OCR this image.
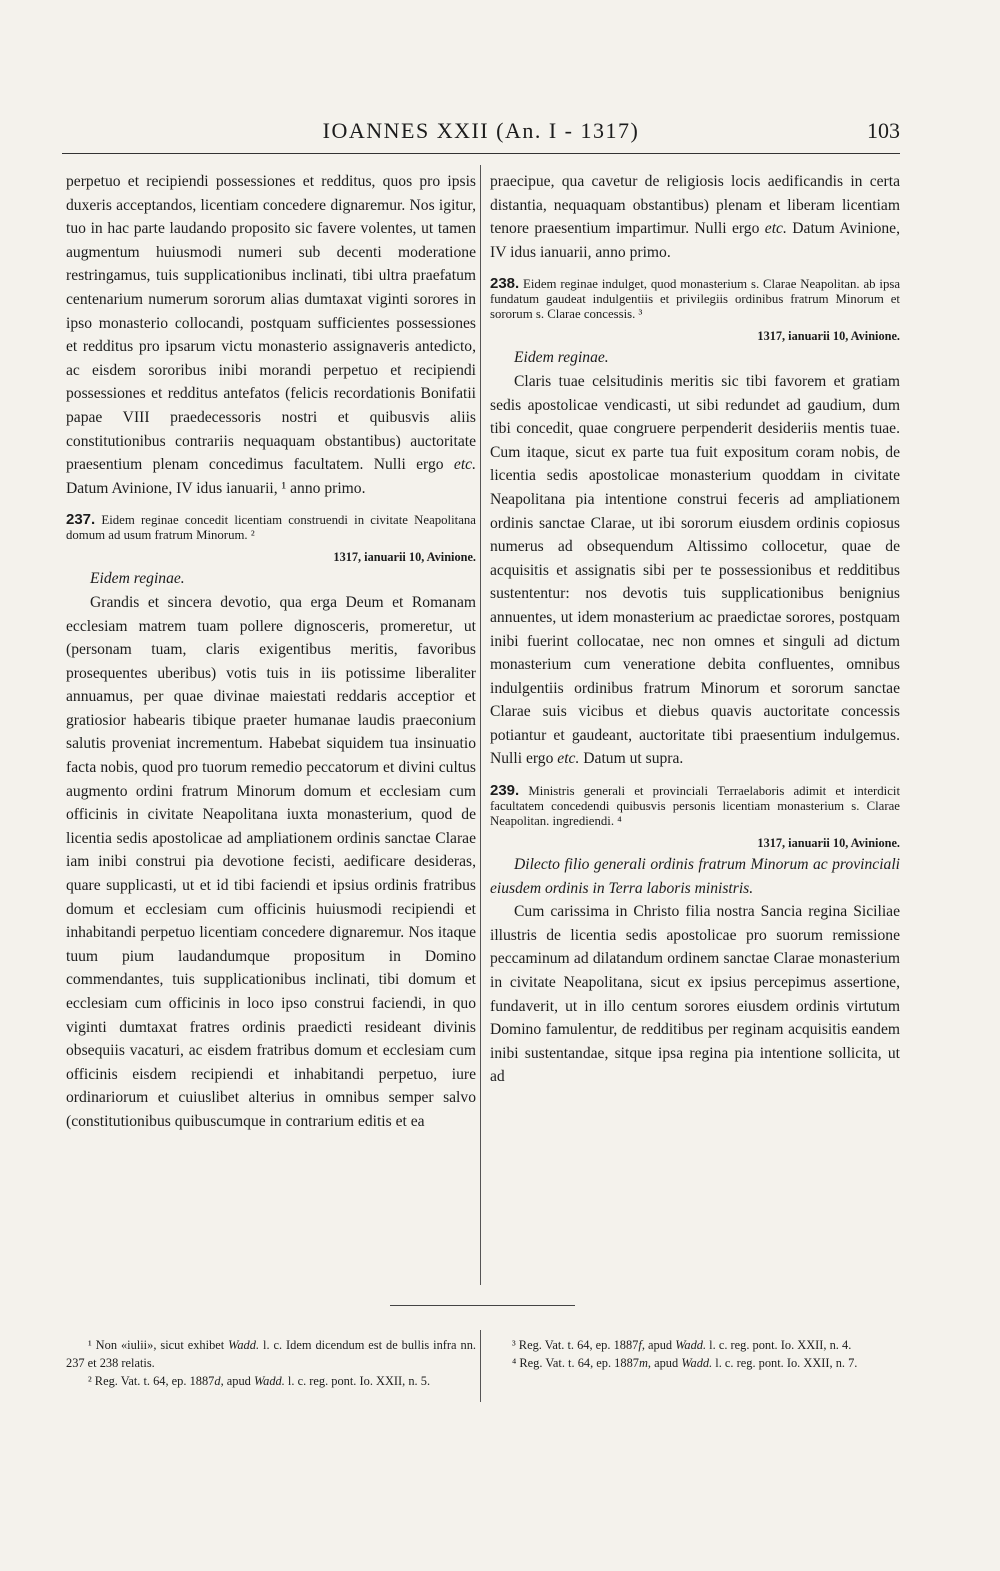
IOANNES XXII (An. I - 1317)	103

perpetuo et recipiendi possessiones et redditus, quos pro ipsis duxeris acceptandos, licentiam concedere dignaremur. Nos igitur, tuo in hac parte laudando proposito sic favere volentes, ut tamen augmentum huiusmodi numeri sub decenti moderatione restringamus, tuis supplicationibus inclinati, tibi ultra praefatum centenarium numerum sororum alias dumtaxat viginti sorores in ipso monasterio collocandi, postquam sufficientes possessiones et redditus pro ipsarum victu monasterio assignaveris antedicto, ac eisdem sororibus inibi morandi perpetuo et recipiendi possessiones et redditus antefatos (felicis recordationis Bonifatii papae VIII praedecessoris nostri et quibusvis aliis constitutionibus contrariis nequaquam obstantibus) auctoritate praesentium plenam concedimus facultatem. Nulli ergo etc. Datum Avinione, IV idus ianuarii, ¹ anno primo.

237. Eidem reginae concedit licentiam construendi in civitate Neapolitana domum ad usum fratrum Minorum. ²

1317, ianuarii 10, Avinione.

Eidem reginae.

Grandis et sincera devotio, qua erga Deum et Romanam ecclesiam matrem tuam pollere dignosceris, promeretur, ut (personam tuam, claris exigentibus meritis, favoribus prosequentes uberibus) votis tuis in iis potissime liberaliter annuamus, per quae divinae maiestati reddaris acceptior et gratiosior habearis tibique praeter humanae laudis praeconium salutis proveniat incrementum. Habebat siquidem tua insinuatio facta nobis, quod pro tuorum remedio peccatorum et divini cultus augmento ordini fratrum Minorum domum et ecclesiam cum officinis in civitate Neapolitana iuxta monasterium, quod de licentia sedis apostolicae ad ampliationem ordinis sanctae Clarae iam inibi construi pia devotione fecisti, aedificare desideras, quare supplicasti, ut et id tibi faciendi et ipsius ordinis fratribus domum et ecclesiam cum officinis huiusmodi recipiendi et inhabitandi perpetuo licentiam concedere dignaremur. Nos itaque tuum pium laudandumque propositum in Domino commendantes, tuis supplicationibus inclinati, tibi domum et ecclesiam cum officinis in loco ipso construi faciendi, in quo viginti dumtaxat fratres ordinis praedicti resideant divinis obsequiis vacaturi, ac eisdem fratribus domum et ecclesiam cum officinis eisdem recipiendi et inhabitandi perpetuo, iure ordinariorum et cuiuslibet alterius in omnibus semper salvo (constitutionibus quibuscumque in contrarium editis et ea

praecipue, qua cavetur de religiosis locis aedificandis in certa distantia, nequaquam obstantibus) plenam et liberam licentiam tenore praesentium impartimur. Nulli ergo etc. Datum Avinione, IV idus ianuarii, anno primo.

238. Eidem reginae indulget, quod monasterium s. Clarae Neapolitan. ab ipsa fundatum gaudeat indulgentiis et privilegiis ordinibus fratrum Minorum et sororum s. Clarae concessis. ³

1317, ianuarii 10, Avinione.

Eidem reginae.

Claris tuae celsitudinis meritis sic tibi favorem et gratiam sedis apostolicae vendicasti, ut sibi redundet ad gaudium, dum tibi concedit, quae congruere perpenderit desideriis mentis tuae. Cum itaque, sicut ex parte tua fuit expositum coram nobis, de licentia sedis apostolicae monasterium quoddam in civitate Neapolitana pia intentione construi feceris ad ampliationem ordinis sanctae Clarae, ut ibi sororum eiusdem ordinis copiosus numerus ad obsequendum Altissimo collocetur, quae de acquisitis et assignatis sibi per te possessionibus et redditibus sustententur: nos devotis tuis supplicationibus benignius annuentes, ut idem monasterium ac praedictae sorores, postquam inibi fuerint collocatae, nec non omnes et singuli ad dictum monasterium cum veneratione debita confluentes, omnibus indulgentiis ordinibus fratrum Minorum et sororum sanctae Clarae suis vicibus et diebus quavis auctoritate concessis potiantur et gaudeant, auctoritate tibi praesentium indulgemus. Nulli ergo etc. Datum ut supra.

239. Ministris generali et provinciali Terraelaboris adimit et interdicit facultatem concedendi quibusvis personis licentiam monasterium s. Clarae Neapolitan. ingrediendi. ⁴

1317, ianuarii 10, Avinione.

Dilecto filio generali ordinis fratrum Minorum ac provinciali eiusdem ordinis in Terra laboris ministris.

Cum carissima in Christo filia nostra Sancia regina Siciliae illustris de licentia sedis apostolicae pro suorum remissione peccaminum ad dilatandum ordinem sanctae Clarae monasterium in civitate Neapolitana, sicut ex ipsius percepimus assertione, fundaverit, ut in illo centum sorores eiusdem ordinis virtutum Domino famulentur, de redditibus per reginam acquisitis eandem inibi sustentandae, sitque ipsa regina pia intentione sollicita, ut ad

¹ Non «iulii», sicut exhibet Wadd. l. c. Idem dicendum est de bullis infra nn. 237 et 238 relatis.

² Reg. Vat. t. 64, ep. 1887d, apud Wadd. l. c. reg. pont. Io. XXII, n. 5.

³ Reg. Vat. t. 64, ep. 1887f, apud Wadd. l. c. reg. pont. Io. XXII, n. 4.

⁴ Reg. Vat. t. 64, ep. 1887m, apud Wadd. l. c. reg. pont. Io. XXII, n. 7.
